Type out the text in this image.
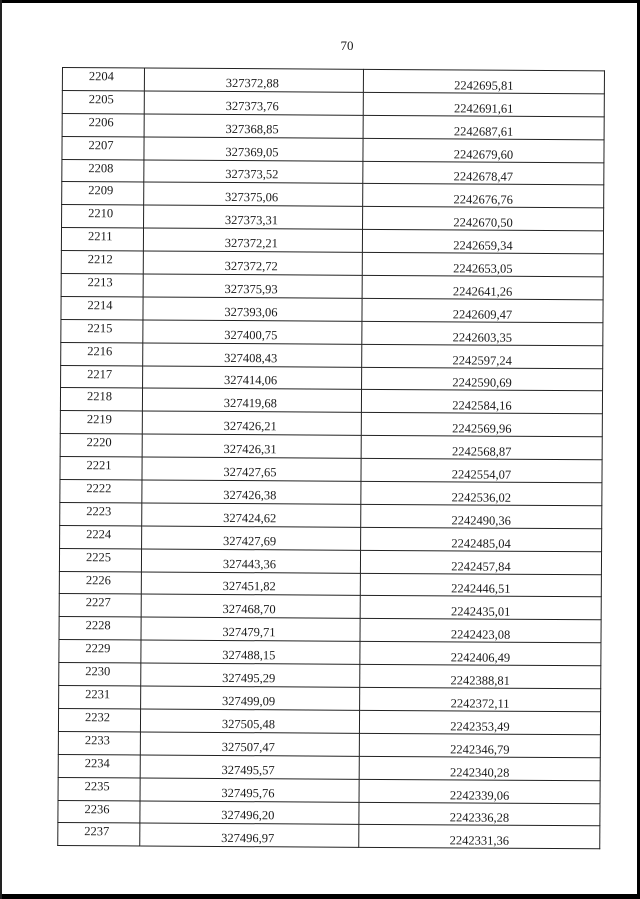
70
2204	327372,88	2242695,81
2205	327373,76	2242691,61
2206	327368,85	2242687,61
2207	327369,05	2242679,60
2208	327373,52	2242678,47
2209	327375,06	2242676,76
2210	327373,31	2242670,50
2211	327372,21	2242659,34
2212	327372,72	2242653,05
2213	327375,93	2242641,26
2214	327393,06	2242609,47
2215	327400,75	2242603,35
2216	327408,43	2242597,24
2217	327414,06	2242590,69
2218	327419,68	2242584,16
2219	327426,21	2242569,96
2220	327426,31	2242568,87
2221	327427,65	2242554,07
2222	327426,38	2242536,02
2223	327424,62	2242490,36
2224	327427,69	2242485,04
2225	327443,36	2242457,84
2226	327451,82	2242446,51
2227	327468,70	2242435,01
2228	327479,71	2242423,08
2229	327488,15	2242406,49
2230	327495,29	2242388,81
2231	327499,09	2242372,11
2232	327505,48	2242353,49
2233	327507,47	2242346,79
2234	327495,57	2242340,28
2235	327495,76	2242339,06
2236	327496,20	2242336,28
2237	327496,97	2242331,36
